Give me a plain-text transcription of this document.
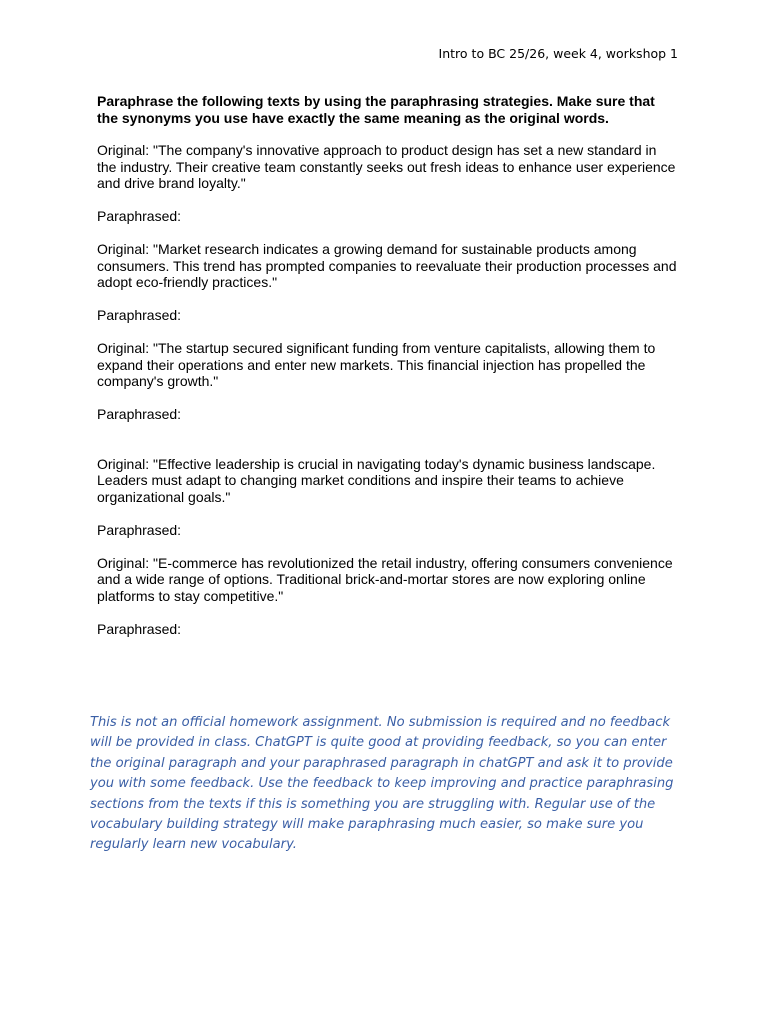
Intro to BC 25/26, week 4, workshop 1

Paraphrase the following texts by using the paraphrasing strategies. Make sure that the synonyms you use have exactly the same meaning as the original words.

Original: "The company's innovative approach to product design has set a new standard in the industry. Their creative team constantly seeks out fresh ideas to enhance user experience and drive brand loyalty."

Paraphrased:

Original: "Market research indicates a growing demand for sustainable products among consumers. This trend has prompted companies to reevaluate their production processes and adopt eco-friendly practices."

Paraphrased:

Original: "The startup secured significant funding from venture capitalists, allowing them to expand their operations and enter new markets. This financial injection has propelled the company's growth."

Paraphrased:

Original: "Effective leadership is crucial in navigating today's dynamic business landscape. Leaders must adapt to changing market conditions and inspire their teams to achieve organizational goals."

Paraphrased:

Original: "E-commerce has revolutionized the retail industry, offering consumers convenience and a wide range of options. Traditional brick-and-mortar stores are now exploring online platforms to stay competitive."

Paraphrased:

This is not an official homework assignment. No submission is required and no feedback will be provided in class. ChatGPT is quite good at providing feedback, so you can enter the original paragraph and your paraphrased paragraph in chatGPT and ask it to provide you with some feedback. Use the feedback to keep improving and practice paraphrasing sections from the texts if this is something you are struggling with. Regular use of the vocabulary building strategy will make paraphrasing much easier, so make sure you regularly learn new vocabulary.
